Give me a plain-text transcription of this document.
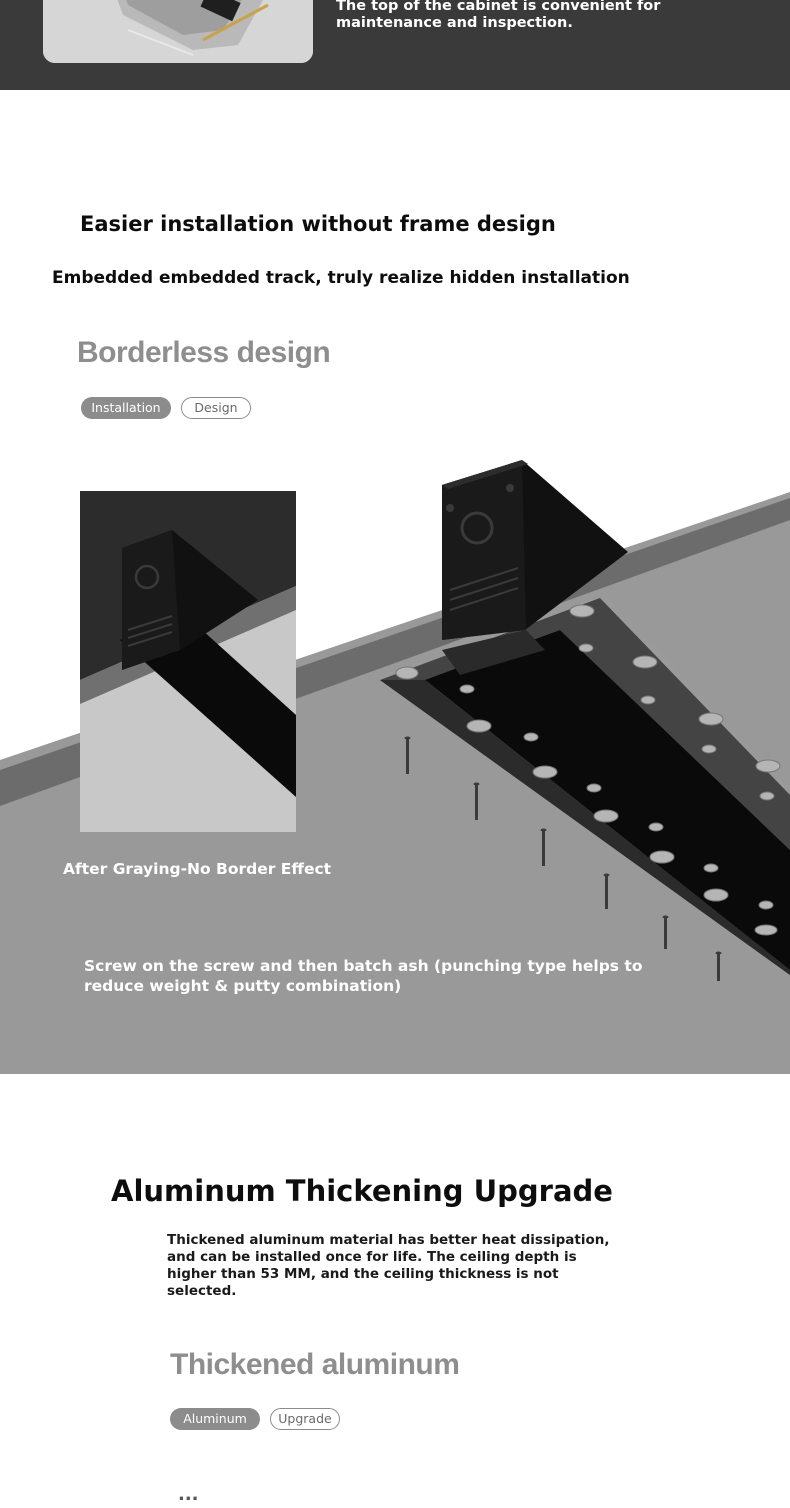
The top of the cabinet is convenient for maintenance and inspection.

Easier installation without frame design
Embedded embedded track, truly realize hidden installation
Borderless design
Installation	Design

After Graying-No Border Effect

Screw on the screw and then batch ash (punching type helps to reduce weight & putty combination)

Aluminum Thickening Upgrade

Thickened aluminum material has better heat dissipation, and can be installed once for life. The ceiling depth is higher than 53 MM, and the ceiling thickness is not selected.

Thickened aluminum
Aluminum	Upgrade

...
